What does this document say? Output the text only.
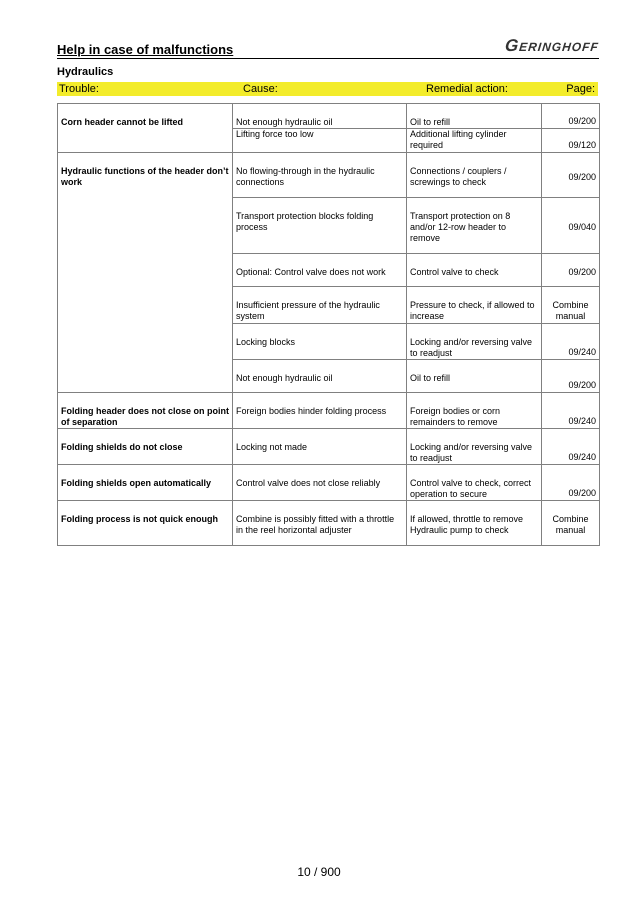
Help in case of malfunctions	Geringhoff
Hydraulics
Trouble:	Cause:	Remedial action:	Page:
Corn header cannot be lifted	Not enough hydraulic oil	Oil to refill	09/200
	Lifting force too low	Additional lifting cylinder required	09/120
Hydraulic functions of the header don’t work	No flowing-through in the hydraulic connections	Connections / couplers / screwings to check	09/200
	Transport protection blocks folding process	Transport protection on 8 and/or 12-row header to remove	09/040
	Optional: Control valve does not work	Control valve to check	09/200
	Insufficient pressure of the hydraulic system	Pressure to check, if allowed to increase	Combine manual
	Locking blocks	Locking and/or reversing valve to readjust	09/240
	Not enough hydraulic oil	Oil to refill	09/200
Folding header does not close on point of separation	Foreign bodies hinder folding process	Foreign bodies or corn remainders to remove	09/240
Folding shields do not close	Locking not made	Locking and/or reversing valve to readjust	09/240
Folding shields open automatically	Control valve does not close reliably	Control valve to check, correct operation to secure	09/200
Folding process is not quick enough	Combine is possibly fitted with a throttle in the reel horizontal adjuster	If allowed, throttle to remove Hydraulic pump to check	Combine manual
10 / 900
